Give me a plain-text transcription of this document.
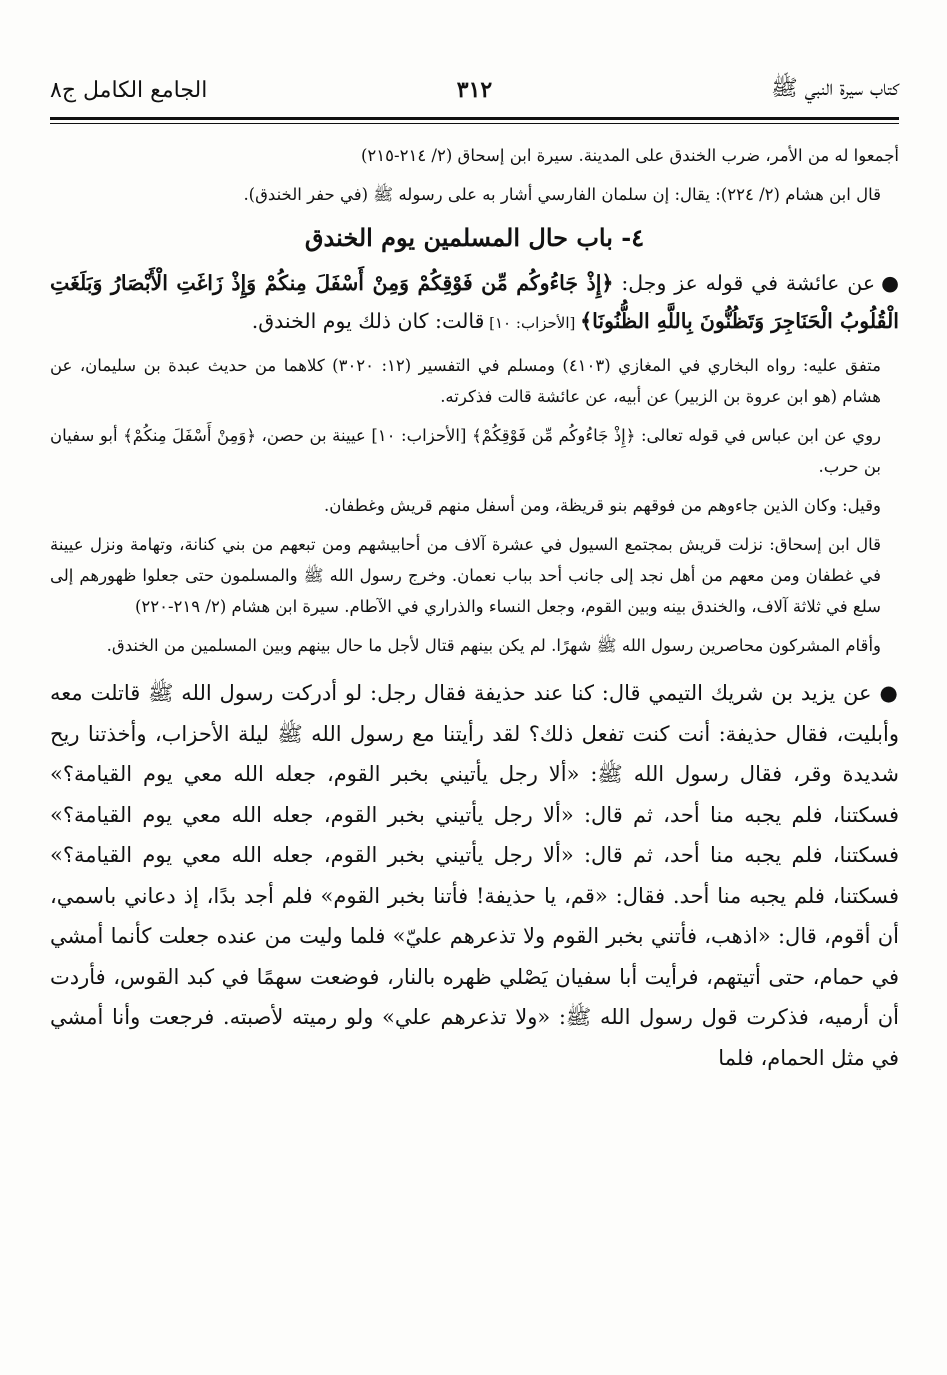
كتاب سيرة النبي ﷺ
٣١٢
الجامع الكامل ج٨

أجمعوا له من الأمر، ضرب الخندق على المدينة. سيرة ابن إسحاق (٢/ ٢١٤-٢١٥)

قال ابن هشام (٢/ ٢٢٤): يقال: إن سلمان الفارسي أشار به على رسوله ﷺ (في حفر الخندق).

٤- باب حال المسلمين يوم الخندق

●عن عائشة في قوله عز وجل: ﴿إِذْ جَاءُوكُم مِّن فَوْقِكُمْ وَمِنْ أَسْفَلَ مِنكُمْ وَإِذْ زَاغَتِ الْأَبْصَارُ وَبَلَغَتِ الْقُلُوبُ الْحَنَاجِرَ وَتَظُنُّونَ بِاللَّهِ الظُّنُونَا﴾ [الأحزاب: ١٠] قالت: كان ذلك يوم الخندق.

متفق عليه: رواه البخاري في المغازي (٤١٠٣) ومسلم في التفسير (١٢: ٣٠٢٠) كلاهما من حديث عبدة بن سليمان، عن هشام (هو ابن عروة بن الزبير) عن أبيه، عن عائشة قالت فذكرته.

روي عن ابن عباس في قوله تعالى: ﴿إِذْ جَاءُوكُم مِّن فَوْقِكُمْ﴾ [الأحزاب: ١٠] عيينة بن حصن، ﴿وَمِنْ أَسْفَلَ مِنكُمْ﴾ أبو سفيان بن حرب.

وقيل: وكان الذين جاءوهم من فوقهم بنو قريظة، ومن أسفل منهم قريش وغطفان.

قال ابن إسحاق: نزلت قريش بمجتمع السيول في عشرة آلاف من أحابيشهم ومن تبعهم من بني كنانة، وتهامة ونزل عيينة في غطفان ومن معهم من أهل نجد إلى جانب أحد بباب نعمان. وخرج رسول الله ﷺ والمسلمون حتى جعلوا ظهورهم إلى سلع في ثلاثة آلاف، والخندق بينه وبين القوم، وجعل النساء والذراري في الآطام. سيرة ابن هشام (٢/ ٢١٩-٢٢٠)

وأقام المشركون محاصرين رسول الله ﷺ شهرًا. لم يكن بينهم قتال لأجل ما حال بينهم وبين المسلمين من الخندق.

●عن يزيد بن شريك التيمي قال: كنا عند حذيفة فقال رجل: لو أدركت رسول الله ﷺ قاتلت معه وأبليت، فقال حذيفة: أنت كنت تفعل ذلك؟ لقد رأيتنا مع رسول الله ﷺ ليلة الأحزاب، وأخذتنا ريح شديدة وقر، فقال رسول الله ﷺ: «ألا رجل يأتيني بخبر القوم، جعله الله معي يوم القيامة؟» فسكتنا، فلم يجبه منا أحد، ثم قال: «ألا رجل يأتيني بخبر القوم، جعله الله معي يوم القيامة؟» فسكتنا، فلم يجبه منا أحد، ثم قال: «ألا رجل يأتيني بخبر القوم، جعله الله معي يوم القيامة؟» فسكتنا، فلم يجبه منا أحد. فقال: «قم، يا حذيفة! فأتنا بخبر القوم» فلم أجد بدًا، إذ دعاني باسمي، أن أقوم، قال: «اذهب، فأتني بخبر القوم ولا تذعرهم عليّ» فلما وليت من عنده جعلت كأنما أمشي في حمام، حتى أتيتهم، فرأيت أبا سفيان يَصْلي ظهره بالنار، فوضعت سهمًا في كبد القوس، فأردت أن أرميه، فذكرت قول رسول الله ﷺ: «ولا تذعرهم علي» ولو رميته لأصبته. فرجعت وأنا أمشي في مثل الحمام، فلما
